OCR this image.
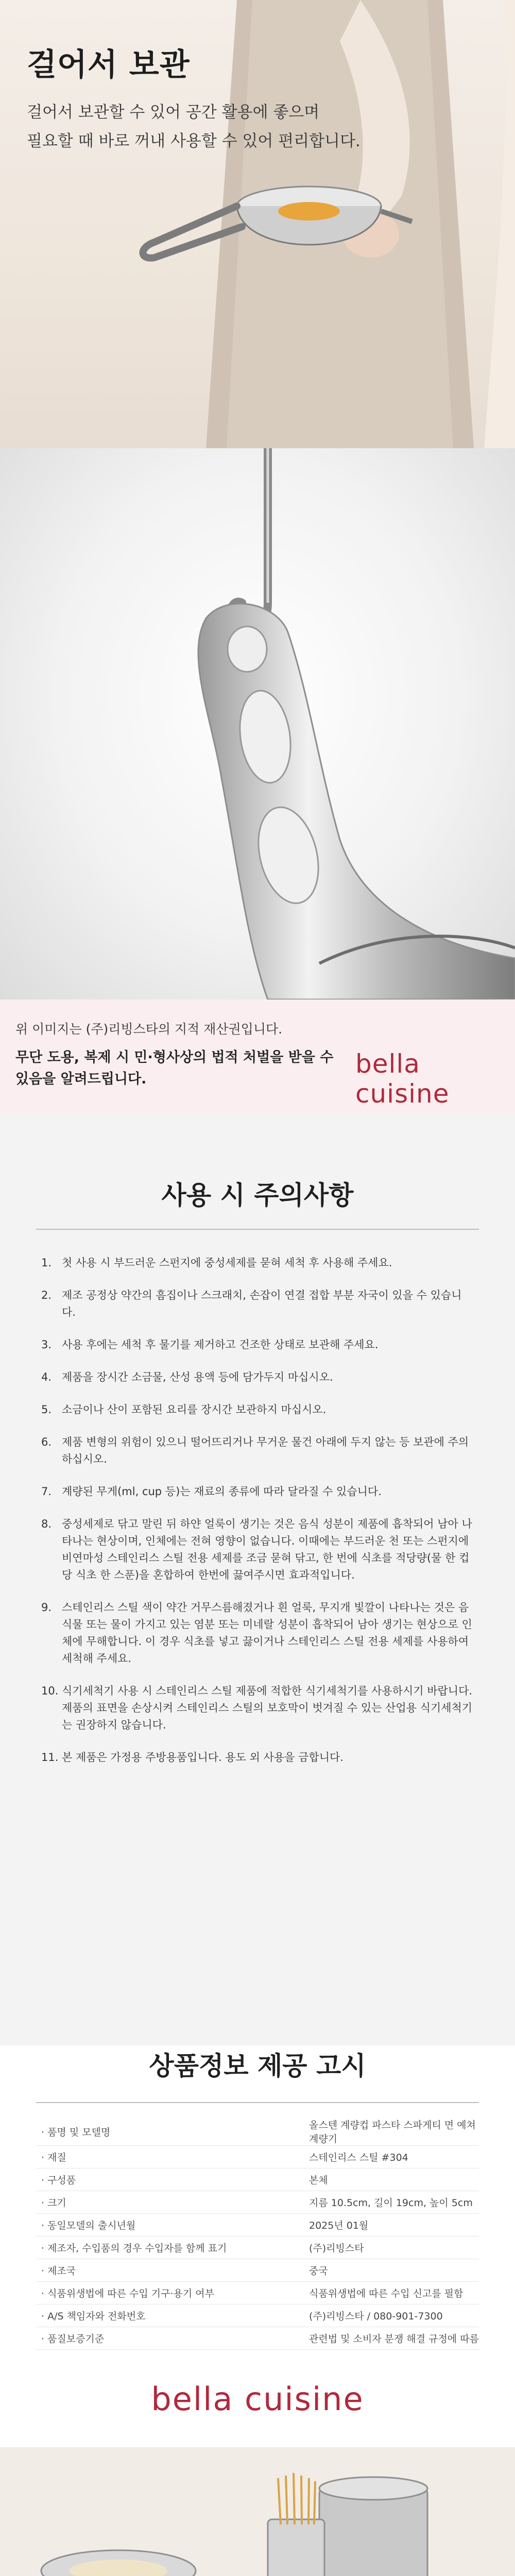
걸어서 보관

걸어서 보관할 수 있어 공간 활용에 좋으며
필요할 때 바로 꺼내 사용할 수 있어 편리합니다.

위 이미지는 (주)리빙스타의 지적 재산권입니다.
무단 도용, 복제 시 민·형사상의 법적 처벌을 받을 수 있음을 알려드립니다.
bella cuisine
사용 시 주의사항
1. 첫 사용 시 부드러운 스펀지에 중성세제를 묻혀 세척 후 사용해 주세요.
2. 제조 공정상 약간의 흠집이나 스크래치, 손잡이 연결 접합 부분 자국이 있을 수 있습니다.
3. 사용 후에는 세척 후 물기를 제거하고 건조한 상태로 보관해 주세요.
4. 제품을 장시간 소금물, 산성 용액 등에 담가두지 마십시오.
5. 소금이나 산이 포함된 요리를 장시간 보관하지 마십시오.
6. 제품 변형의 위험이 있으니 떨어뜨리거나 무거운 물건 아래에 두지 않는 등 보관에 주의하십시오.
7. 계량된 무게(ml, cup 등)는 재료의 종류에 따라 달라질 수 있습니다.
8. 중성세제로 닦고 말린 뒤 하얀 얼룩이 생기는 것은 음식 성분이 제품에 흡착되어 남아 나타나는 현상이며, 인체에는 전혀 영향이 없습니다. 이때에는 부드러운 천 또는 스펀지에 비연마성 스테인리스 스틸 전용 세제를 조금 묻혀 닦고, 한 번에 식초를 적당량(물 한 컵당 식초 한 스푼)을 혼합하여 한번에 끓여주시면 효과적입니다.
9. 스테인리스 스틸 색이 약간 거무스름해졌거나 흰 얼룩, 무지개 빛깔이 나타나는 것은 음식물 또는 물이 가지고 있는 염분 또는 미네랄 성분이 흡착되어 남아 생기는 현상으로 인체에 무해합니다. 이 경우 식초를 넣고 끓이거나 스테인리스 스틸 전용 세제를 사용하여 세척해 주세요.
10. 식기세척기 사용 시 스테인리스 스틸 제품에 적합한 식기세척기를 사용하시기 바랍니다. 제품의 표면을 손상시켜 스테인리스 스틸의 보호막이 벗겨질 수 있는 산업용 식기세척기는 권장하지 않습니다.
11. 본 제품은 가정용 주방용품입니다. 용도 외 사용을 금합니다.
상품정보 제공 고시
· 품명 및 모델명	올스텐 계량컵 파스타 스파게티 면 예쳐 계량기
· 재질	스테인리스 스틸 #304
· 구성품	본체
· 크기	지름 10.5cm, 길이 19cm, 높이 5cm
· 동일모델의 출시년월	2025년 01월
· 제조자, 수입품의 경우 수입자를 함께 표기	(주)리빙스타
· 제조국	중국
· 식품위생법에 따른 수입 기구·용기 여부	식품위생법에 따른 수입 신고를 필함
· A/S 책임자와 전화번호	(주)리빙스타 / 080-901-7300
· 품질보증기준	관련법 및 소비자 분쟁 해결 규정에 따름
bella cuisine
